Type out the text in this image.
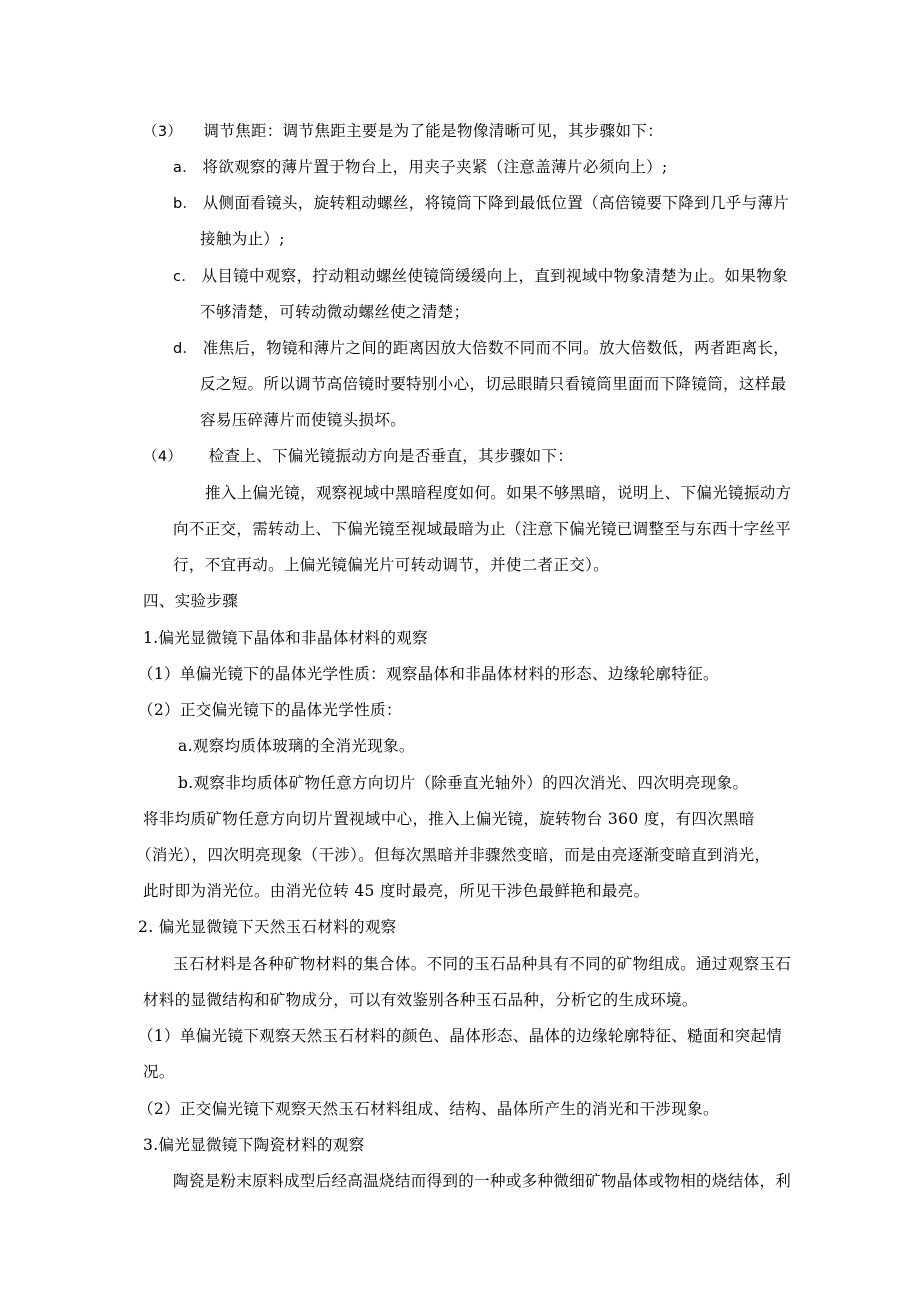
（3） 调节焦距：调节焦距主要是为了能是物像清晰可见，其步骤如下：
a． 将欲观察的薄片置于物台上，用夹子夹紧（注意盖薄片必须向上）;
b． 从侧面看镜头，旋转粗动螺丝，将镜筒下降到最低位置（高倍镜要下降到几乎与薄片
接触为止）;
c． 从目镜中观察，拧动粗动螺丝使镜筒缓缓向上，直到视域中物象清楚为止。如果物象
不够清楚，可转动微动螺丝使之清楚；
d． 准焦后，物镜和薄片之间的距离因放大倍数不同而不同。放大倍数低，两者距离长，
反之短。所以调节高倍镜时要特别小心，切忌眼睛只看镜筒里面而下降镜筒，这样最
容易压碎薄片而使镜头损坏。
（4） 检查上、下偏光镜振动方向是否垂直，其步骤如下：
推入上偏光镜，观察视域中黑暗程度如何。如果不够黑暗，说明上、下偏光镜振动方
向不正交，需转动上、下偏光镜至视域最暗为止（注意下偏光镜已调整至与东西十字丝平
行，不宜再动。上偏光镜偏光片可转动调节，并使二者正交）。
四、实验步骤
1.偏光显微镜下晶体和非晶体材料的观察
（1）单偏光镜下的晶体光学性质：观察晶体和非晶体材料的形态、边缘轮廓特征。
（2）正交偏光镜下的晶体光学性质：
a.观察均质体玻璃的全消光现象。
b.观察非均质体矿物任意方向切片（除垂直光轴外）的四次消光、四次明亮现象。
将非均质矿物任意方向切片置视域中心，推入上偏光镜，旋转物台 360 度，有四次黑暗
（消光），四次明亮现象（干涉）。但每次黑暗并非骤然变暗，而是由亮逐渐变暗直到消光，
此时即为消光位。由消光位转 45 度时最亮，所见干涉色最鲜艳和最亮。
2. 偏光显微镜下天然玉石材料的观察
玉石材料是各种矿物材料的集合体。不同的玉石品种具有不同的矿物组成。通过观察玉石
材料的显微结构和矿物成分，可以有效鉴别各种玉石品种，分析它的生成环境。
（1）单偏光镜下观察天然玉石材料的颜色、晶体形态、晶体的边缘轮廓特征、糙面和突起情
况。
（2）正交偏光镜下观察天然玉石材料组成、结构、晶体所产生的消光和干涉现象。
3.偏光显微镜下陶瓷材料的观察
陶瓷是粉末原料成型后经高温烧结而得到的一种或多种微细矿物晶体或物相的烧结体，利
